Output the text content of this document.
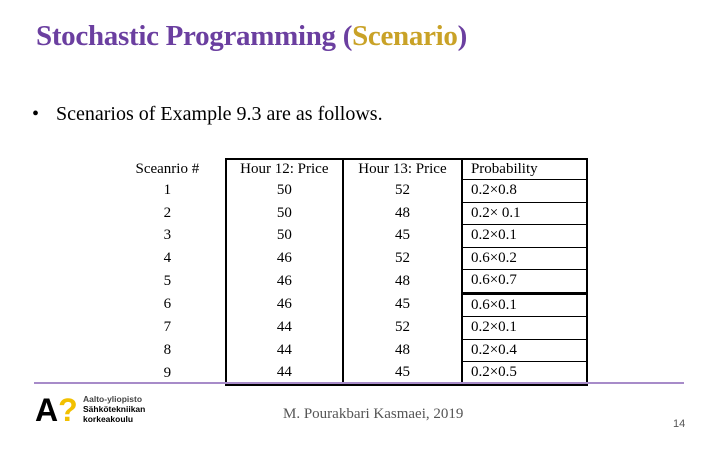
Stochastic Programming (Scenario)
• Scenarios of Example 9.3 are as follows.
Sceanrio #	Hour 12: Price	Hour 13: Price	Probability
1	50	52	0.2×0.8
2	50	48	0.2× 0.1
3	50	45	0.2×0.1
4	46	52	0.6×0.2
5	46	48	0.6×0.7
6	46	45	0.6×0.1
7	44	52	0.2×0.1
8	44	48	0.2×0.4
9	44	45	0.2×0.5
A? Aalto-yliopisto
Sähkötekniikan
korkeakoulu	M. Pourakbari Kasmaei, 2019
14
